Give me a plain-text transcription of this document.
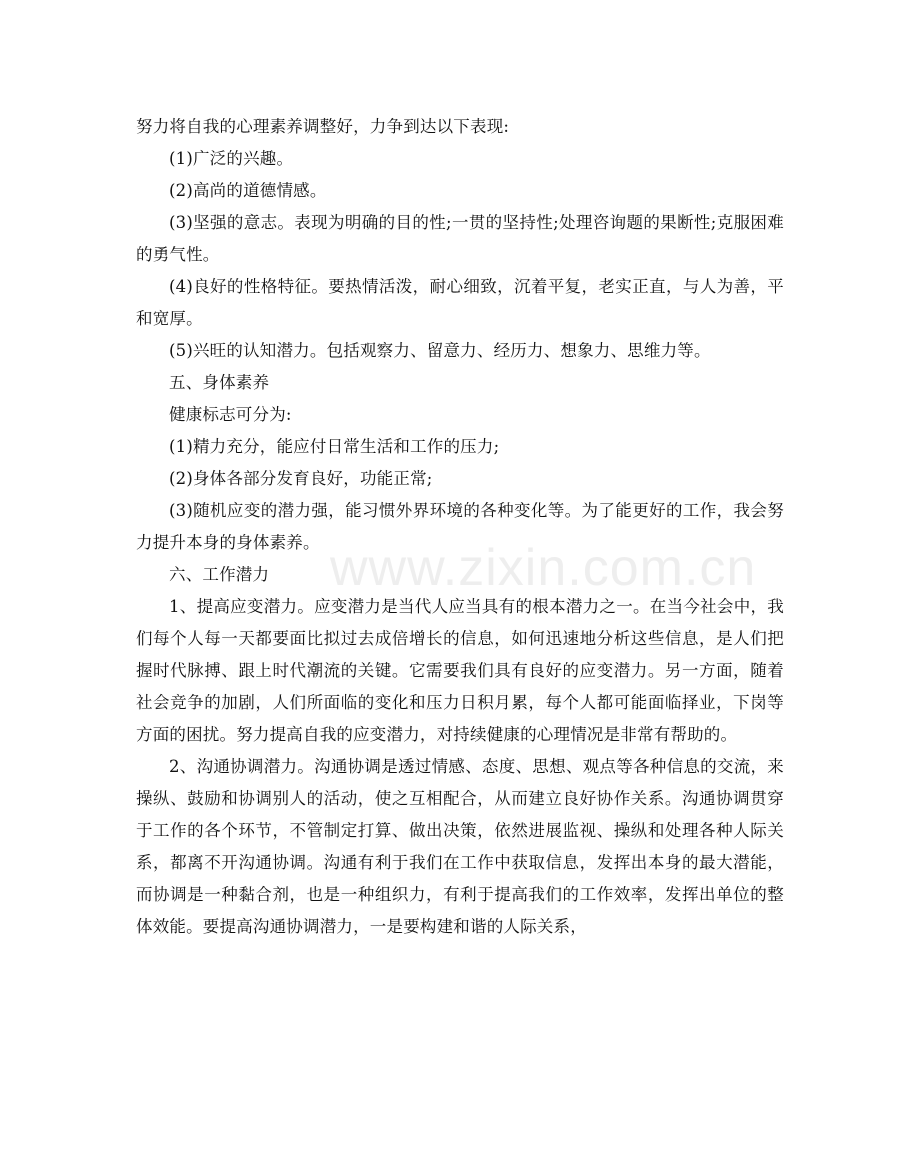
努力将自我的心理素养调整好，力争到达以下表现:

(1)广泛的兴趣。

(2)高尚的道德情感。

(3)坚强的意志。表现为明确的目的性;一贯的坚持性;处理咨询题的果断性;克服困难的勇气性。

(4)良好的性格特征。要热情活泼，耐心细致，沉着平复，老实正直，与人为善，平和宽厚。

(5)兴旺的认知潜力。包括观察力、留意力、经历力、想象力、思维力等。

五、身体素养

健康标志可分为:

(1)精力充分，能应付日常生活和工作的压力;

(2)身体各部分发育良好，功能正常;

(3)随机应变的潜力强，能习惯外界环境的各种变化等。为了能更好的工作，我会努力提升本身的身体素养。

六、工作潜力

1、提高应变潜力。应变潜力是当代人应当具有的根本潜力之一。在当今社会中，我们每个人每一天都要面比拟过去成倍增长的信息，如何迅速地分析这些信息，是人们把握时代脉搏、跟上时代潮流的关键。它需要我们具有良好的应变潜力。另一方面，随着社会竞争的加剧，人们所面临的变化和压力日积月累，每个人都可能面临择业，下岗等方面的困扰。努力提高自我的应变潜力，对持续健康的心理情况是非常有帮助的。

2、沟通协调潜力。沟通协调是透过情感、态度、思想、观点等各种信息的交流，来操纵、鼓励和协调别人的活动，使之互相配合，从而建立良好协作关系。沟通协调贯穿于工作的各个环节，不管制定打算、做出决策，依然进展监视、操纵和处理各种人际关系，都离不开沟通协调。沟通有利于我们在工作中获取信息，发挥出本身的最大潜能，而协调是一种黏合剂，也是一种组织力，有利于提高我们的工作效率，发挥出单位的整体效能。要提高沟通协调潜力，一是要构建和谐的人际关系，

www.zixin.com.cn
